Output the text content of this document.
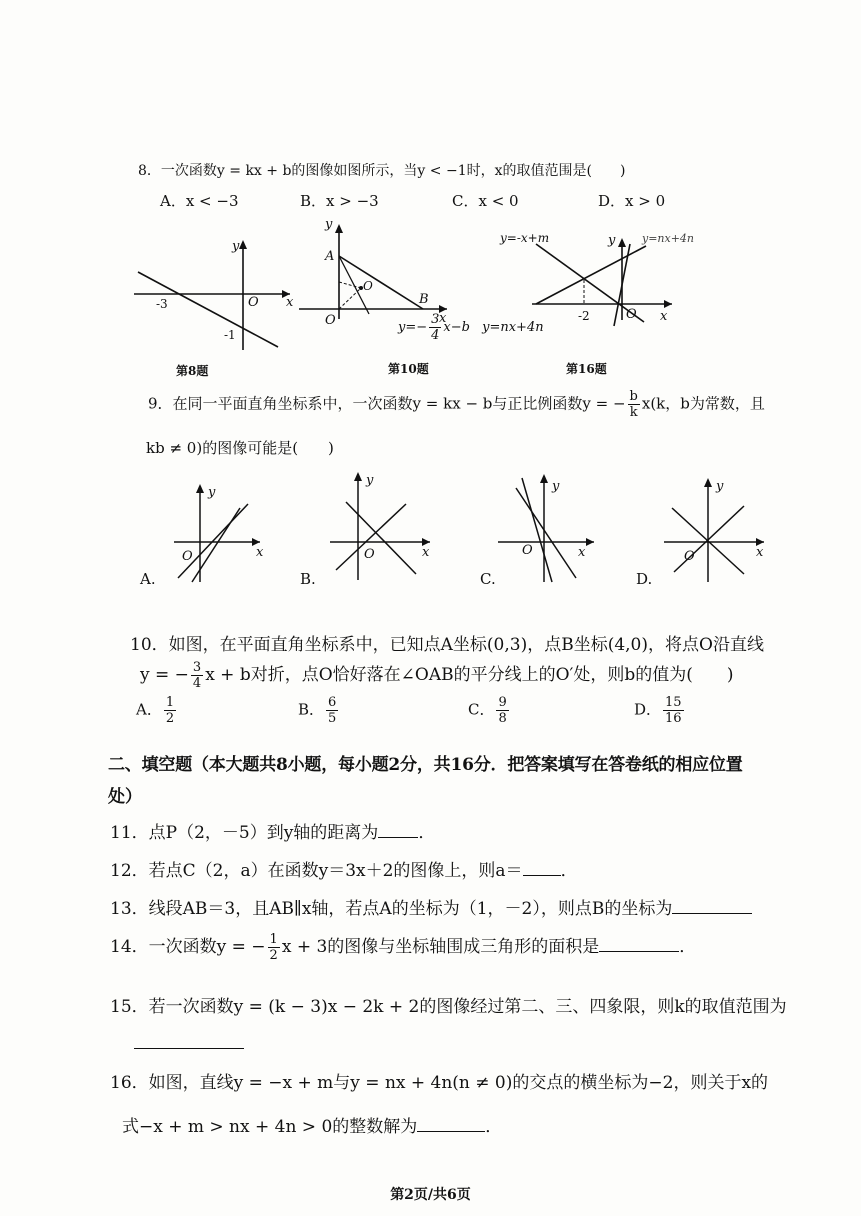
8．一次函数y = kx + b的图像如图所示，当y < −1时，x的取值范围是(　　)
A．x < −3	B．x > −3	C．x < 0	D．x > 0
y
x
O
-3
-1
第8题
y
A
O
B
x
O	$y=- \frac{3}{4} x-b$ y=nx+4n
第10题
y=-x+m	y y=nx+4n
-2	O x
第16题
9．在同一平面直角坐标系中，一次函数y = kx − b与正比例函数y = − $\frac{b}{k} x(k$，b为常数，且
kb ≠ 0)的图像可能是(　　)
y
x
O
A.
y
x
O
B.
y
x
O
C.
y
x
O
D.
10．如图，在平面直角坐标系中，已知点A坐标(0,3)，点B坐标(4,0)，将点O沿直线
y = − $\frac{3}{4}$ x + b对折，点O恰好落在∠OAB的平分线上的O′处，则b的值为(　　)
A． $\frac{1}{2}$	B． $\frac{6}{5}$	C． $\frac{9}{8}$	D． $\frac{15}{16}$
二、填空题（本大题共8小题，每小题2分，共16分．把答案填写在答卷纸的相应位置
处）
11．点P（2，－5）到y轴的距离为 ．
12．若点C（2，a）在函数y＝3x＋2的图像上，则a＝ ．
13．线段AB＝3，且AB∥x轴，若点A的坐标为（1，－2），则点B的坐标为
14．一次函数y = − $\frac{1}{2}$ x + 3的图像与坐标轴围成三角形的面积是	．
15．若一次函数y = (k − 3)x − 2k + 2的图像经过第二、三、四象限，则k的取值范围为
16．如图，直线y = −x + m与y = nx + 4n(n ≠ 0)的交点的横坐标为−2，则关于x的
式−x + m > nx + 4n > 0的整数解为	．
第2页/共6页
